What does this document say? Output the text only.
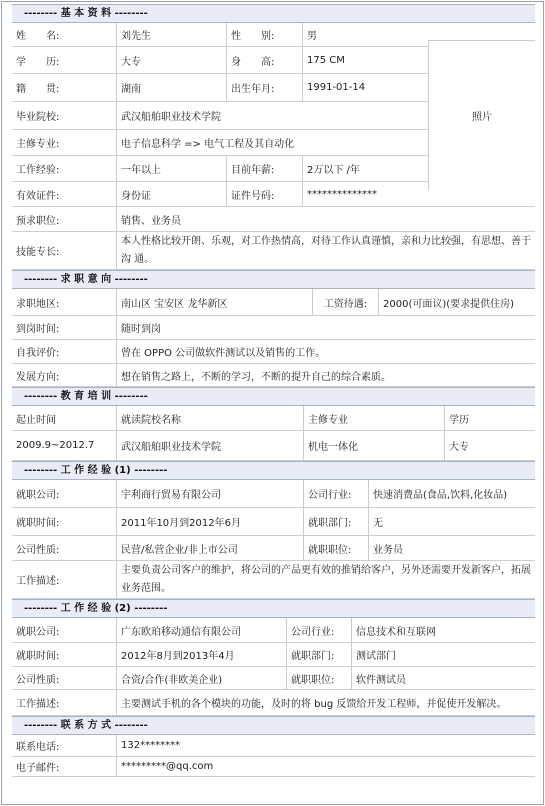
-------- 基 本 资 料 --------
姓　　名:	刘先生	性　　别:	男
学　　历:	大专	身　　高:	175 CM
籍　　贯:	湖南	出生年月:	1991-01-14
毕业院校:	武汉船舶职业技术学院
主修专业:	电子信息科学 => 电气工程及其自动化
工作经验:	一年以上	目前年薪:	2万以下 /年
照片
有效证件:	身份证	证件号码:	**************
预求职位:	销售、业务员
技能专长:
本人性格比较开朗、乐观，对工作热情高，对待工作认真谨慎，亲和力比较强，有思想、善于沟 通。
-------- 求 职 意 向 --------
求职地区:	南山区 宝安区 龙华新区	工资待遇:	2000(可面议)(要求提供住房)
到岗时间:	随时到岗
自我评价:	曾在 OPPO 公司做软件测试以及销售的工作。
发展方向:	想在销售之路上，不断的学习，不断的提升自己的综合素质。
-------- 教 育 培 训 --------
起止时间	就读院校名称	主修专业	学历
2009.9~2012.7	武汉船舶职业技术学院	机电一体化	大专
-------- 工 作 经 验 (1) --------
就职公司:	宇利商行贸易有限公司	公司行业:	快速消费品(食品,饮料,化妆品)
就职时间:	2011年10月到2012年6月	就职部门:	无
公司性质:	民营/私营企业/非上市公司	就职职位:	业务员
工作描述:
主要负责公司客户的维护，将公司的产品更有效的推销给客户，另外还需要开发新客户，拓展业务范围。
-------- 工 作 经 验 (2) --------
就职公司:	广东欧珀移动通信有限公司	公司行业:	信息技术和互联网
就职时间:	2012年8月到2013年4月	就职部门:	测试部门
公司性质:	合资/合作(非欧美企业)	就职职位:	软件测试员
工作描述:	主要测试手机的各个模块的功能，及时的将 bug 反馈给开发工程师，并促使开发解决。
-------- 联 系 方 式 --------
联系电话:	132********
电子邮件:	*********@qq.com
